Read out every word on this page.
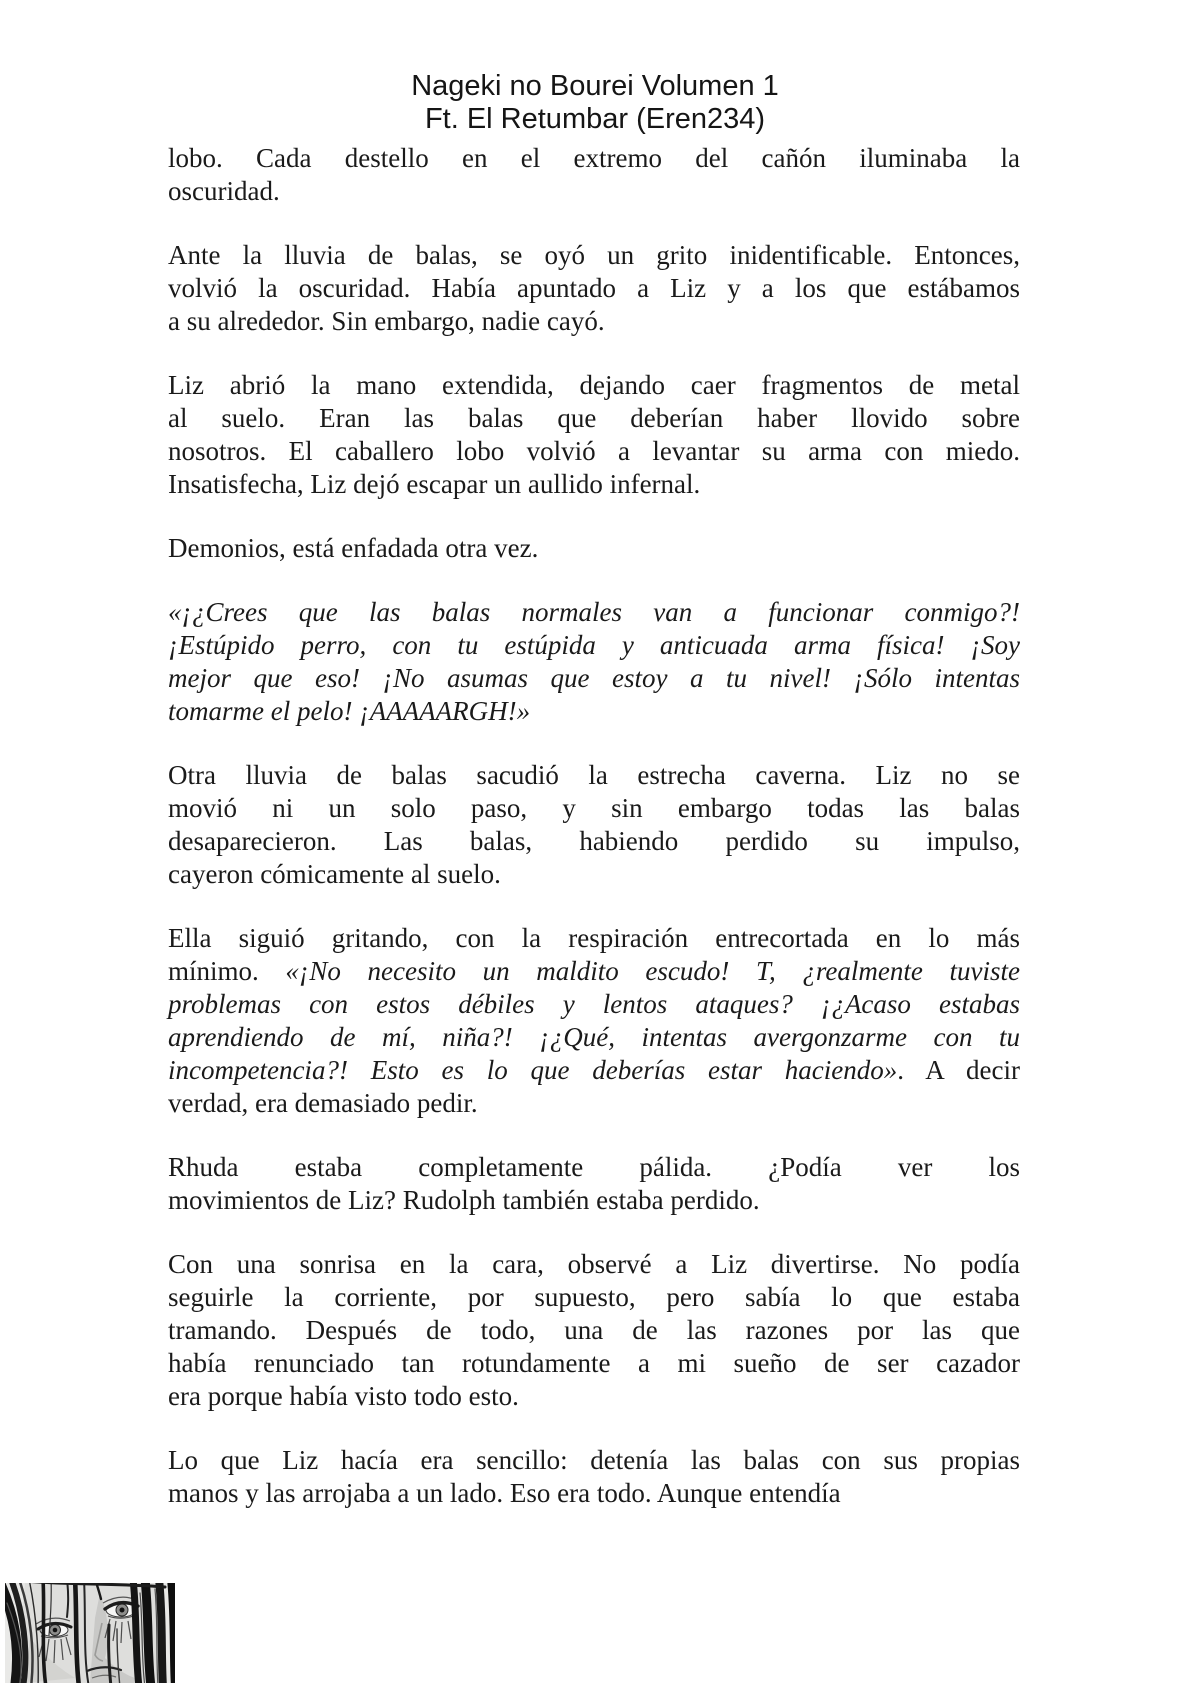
Nageki no Bourei Volumen 1
Ft. El Retumbar (Eren234)
lobo. Cada destello en el extremo del cañón iluminaba la
oscuridad.
Ante la lluvia de balas, se oyó un grito inidentificable. Entonces,
volvió la oscuridad. Había apuntado a Liz y a los que estábamos
a su alrededor. Sin embargo, nadie cayó.
Liz abrió la mano extendida, dejando caer fragmentos de metal
al suelo. Eran las balas que deberían haber llovido sobre
nosotros. El caballero lobo volvió a levantar su arma con miedo.
Insatisfecha, Liz dejó escapar un aullido infernal.
Demonios, está enfadada otra vez.
«¡¿Crees que las balas normales van a funcionar conmigo?!
¡Estúpido perro, con tu estúpida y anticuada arma física! ¡Soy
mejor que eso! ¡No asumas que estoy a tu nivel! ¡Sólo intentas
tomarme el pelo! ¡AAAAARGH!»
Otra lluvia de balas sacudió la estrecha caverna. Liz no se
movió ni un solo paso, y sin embargo todas las balas
desaparecieron. Las balas, habiendo perdido su impulso,
cayeron cómicamente al suelo.
Ella siguió gritando, con la respiración entrecortada en lo más
mínimo. «¡No necesito un maldito escudo! T, ¿realmente tuviste
problemas con estos débiles y lentos ataques? ¡¿Acaso estabas
aprendiendo de mí, niña?! ¡¿Qué, intentas avergonzarme con tu
incompetencia?! Esto es lo que deberías estar haciendo». A decir
verdad, era demasiado pedir.
Rhuda estaba completamente pálida. ¿Podía ver los
movimientos de Liz? Rudolph también estaba perdido.
Con una sonrisa en la cara, observé a Liz divertirse. No podía
seguirle la corriente, por supuesto, pero sabía lo que estaba
tramando. Después de todo, una de las razones por las que
había renunciado tan rotundamente a mi sueño de ser cazador
era porque había visto todo esto.
Lo que Liz hacía era sencillo: detenía las balas con sus propias
manos y las arrojaba a un lado. Eso era todo. Aunque entendía
